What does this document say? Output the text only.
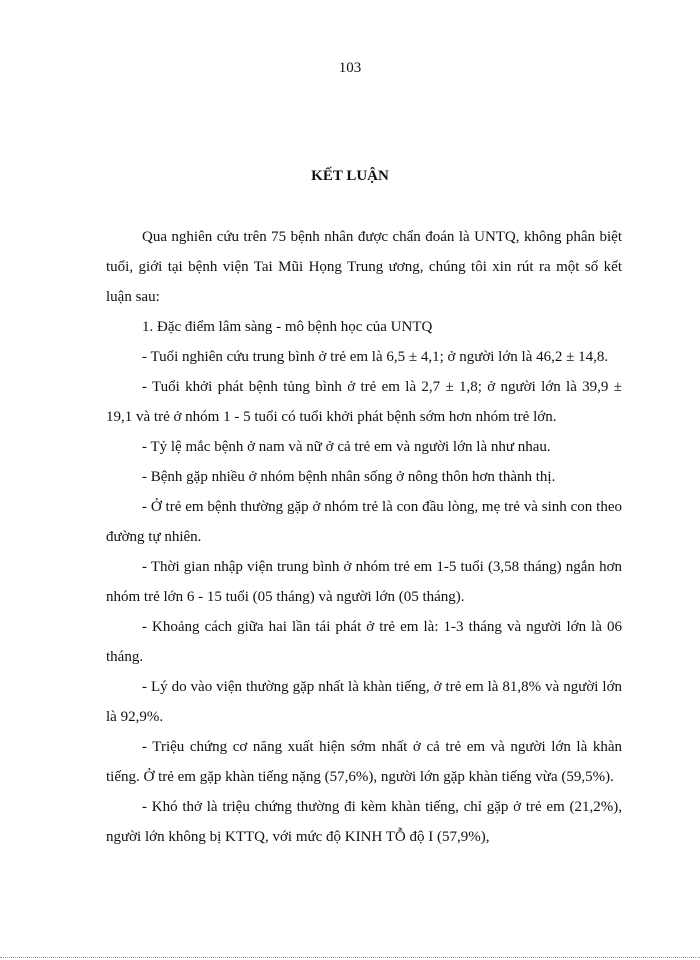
103
KẾT LUẬN

Qua nghiên cứu trên 75 bệnh nhân được chẩn đoán là UNTQ, không phân biệt tuổi, giới tại bệnh viện Tai Mũi Họng Trung ương, chúng tôi xin rút ra một số kết luận sau:

1. Đặc điểm lâm sàng - mô bệnh học của UNTQ

- Tuổi nghiên cứu trung bình ở trẻ em là 6,5 ± 4,1; ở người lớn là 46,2 ± 14,8.

- Tuổi khởi phát bệnh tủng bình ở trẻ em là 2,7 ± 1,8; ở người lớn là 39,9 ± 19,1 và trẻ ở nhóm 1 - 5 tuổi có tuổi khởi phát bệnh sớm hơn nhóm trẻ lớn.

- Tỷ lệ mắc bệnh ở nam và nữ ở cả trẻ em và người lớn là như nhau.

- Bệnh gặp nhiều ở nhóm bệnh nhân sống ở nông thôn hơn thành thị.

- Ở trẻ em bệnh thường gặp ở nhóm trẻ là con đầu lòng, mẹ trẻ và sinh con theo đường tự nhiên.

- Thời gian nhập viện trung bình ở nhóm trẻ em 1-5 tuổi (3,58 tháng) ngắn hơn nhóm trẻ lớn 6 - 15 tuổi (05 tháng) và người lớn (05 tháng).

- Khoảng cách giữa hai lần tái phát ở trẻ em là: 1-3 tháng và người lớn là 06 tháng.

- Lý do vào viện thường gặp nhất là khàn tiếng, ở trẻ em là 81,8% và người lớn là 92,9%.

- Triệu chứng cơ năng xuất hiện sớm nhất ở cả trẻ em và người lớn là khàn tiếng. Ở trẻ em gặp khàn tiếng nặng (57,6%), người lớn gặp khàn tiếng vừa (59,5%).

- Khó thở là triệu chứng thường đi kèm khàn tiếng, chỉ gặp ở trẻ em (21,2%), người lớn không bị KTTQ, với mức độ KINH TỖ độ I (57,9%),
